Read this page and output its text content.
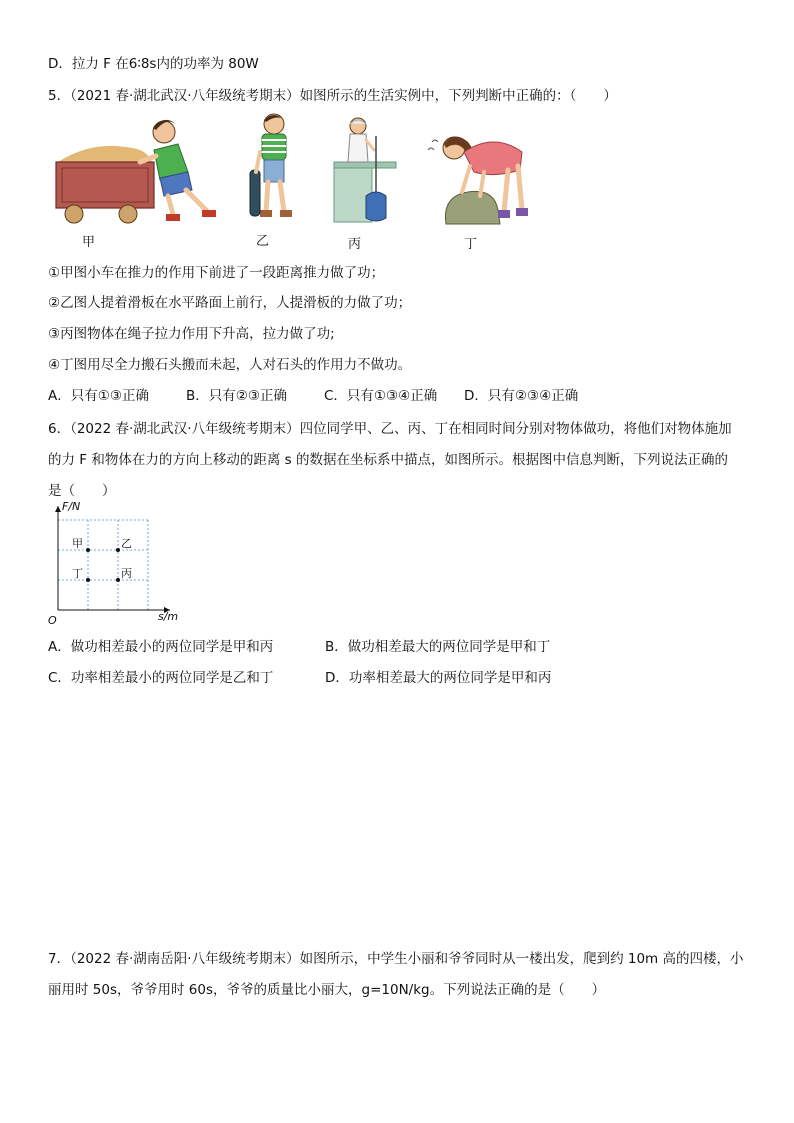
D．拉力 F 在6∶8s内的功率为 80W
5．（2021 春·湖北武汉·八年级统考期末）如图所示的生活实例中，下列判断中正确的：（　　）
甲	乙	丙	丁
①甲图小车在推力的作用下前进了一段距离推力做了功；
②乙图人提着滑板在水平路面上前行，人提滑板的力做了功；
③丙图物体在绳子拉力作用下升高，拉力做了功;
④丁图用尽全力搬石头搬而未起，人对石头的作用力不做功。
A．只有①③正确	B．只有②③正确	C．只有①③④正确 D．只有②③④正确
6．（2022 春·湖北武汉·八年级统考期末）四位同学甲、乙、丙、丁在相同时间分别对物体做功，将他们对物体施加
的力 F 和物体在力的方向上移动的距离 s 的数据在坐标系中描点，如图所示。根据图中信息判断，下列说法正确的
是（　　）
F/N
s/m
O
甲	乙
丁	丙
A．做功相差最小的两位同学是甲和丙	B．做功相差最大的两位同学是甲和丁
C．功率相差最小的两位同学是乙和丁	D．功率相差最大的两位同学是甲和丙
7．（2022 春·湖南岳阳·八年级统考期末）如图所示，中学生小丽和爷爷同时从一楼出发，爬到约 10m 高的四楼，小
丽用时 50s，爷爷用时 60s，爷爷的质量比小丽大，g=10N/kg。下列说法正确的是（　　）
